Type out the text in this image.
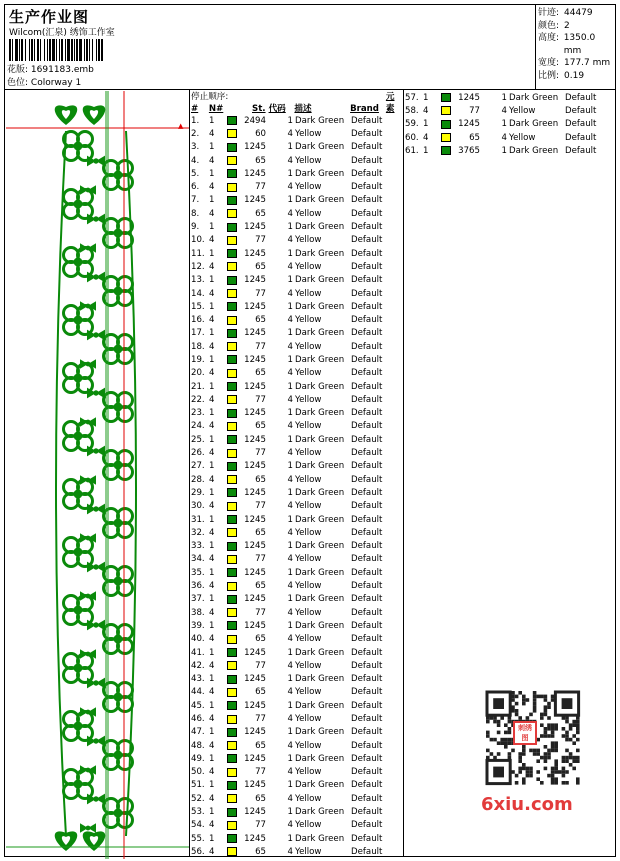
生产作业图
Wilcom(汇泉) 绣饰工作室
花版: 1691183.emb
色位: Colorway 1
针迹: 44479
颜色: 2
高度: 1350.0 mm
宽度: 177.7 mm
比例: 0.19
▲
停止顺序:
#	N#	St. 代码	描述	Brand
元素
1.	1	2494	1 Dark Green Default
2.	4	60	4 Yellow	Default
3.	1	1245	1 Dark Green Default
4.	4	65	4 Yellow	Default
5.	1	1245	1 Dark Green Default
6.	4	77	4 Yellow	Default
7.	1	1245	1 Dark Green Default
8.	4	65	4 Yellow	Default
9.	1	1245	1 Dark Green Default
10. 4	77	4 Yellow	Default
11. 1	1245	1 Dark Green Default
12. 4	65	4 Yellow	Default
13. 1	1245	1 Dark Green Default
14. 4	77	4 Yellow	Default
15. 1	1245	1 Dark Green Default
16. 4	65	4 Yellow	Default
17. 1	1245	1 Dark Green Default
18. 4	77	4 Yellow	Default
19. 1	1245	1 Dark Green Default
20. 4	65	4 Yellow	Default
21. 1	1245	1 Dark Green Default
22. 4	77	4 Yellow	Default
23. 1	1245	1 Dark Green Default
24. 4	65	4 Yellow	Default
25. 1	1245	1 Dark Green Default
26. 4	77	4 Yellow	Default
27. 1	1245	1 Dark Green Default
28. 4	65	4 Yellow	Default
29. 1	1245	1 Dark Green Default
30. 4	77	4 Yellow	Default
31. 1	1245	1 Dark Green Default
32. 4	65	4 Yellow	Default
33. 1	1245	1 Dark Green Default
34. 4	77	4 Yellow	Default
35. 1	1245	1 Dark Green Default
36. 4	65	4 Yellow	Default
37. 1	1245	1 Dark Green Default
38. 4	77	4 Yellow	Default
39. 1	1245	1 Dark Green Default
40. 4	65	4 Yellow	Default
41. 1	1245	1 Dark Green Default
42. 4	77	4 Yellow	Default
43. 1	1245	1 Dark Green Default
44. 4	65	4 Yellow	Default
45. 1	1245	1 Dark Green Default
46. 4	77	4 Yellow	Default
47. 1	1245	1 Dark Green Default
48. 4	65	4 Yellow	Default
49. 1	1245	1 Dark Green Default
50. 4	77	4 Yellow	Default
51. 1	1245	1 Dark Green Default
52. 4	65	4 Yellow	Default
53. 1	1245	1 Dark Green Default
54. 4	77	4 Yellow	Default
55. 1	1245	1 Dark Green Default
56. 4	65	4 Yellow	Default
57. 1	1245	1 Dark Green Default
58. 4	77	4 Yellow	Default
59. 1	1245	1 Dark Green Default
60. 4	65	4 Yellow	Default
61. 1	3765	1 Dark Green Default
刺绣图
6xiu.com
